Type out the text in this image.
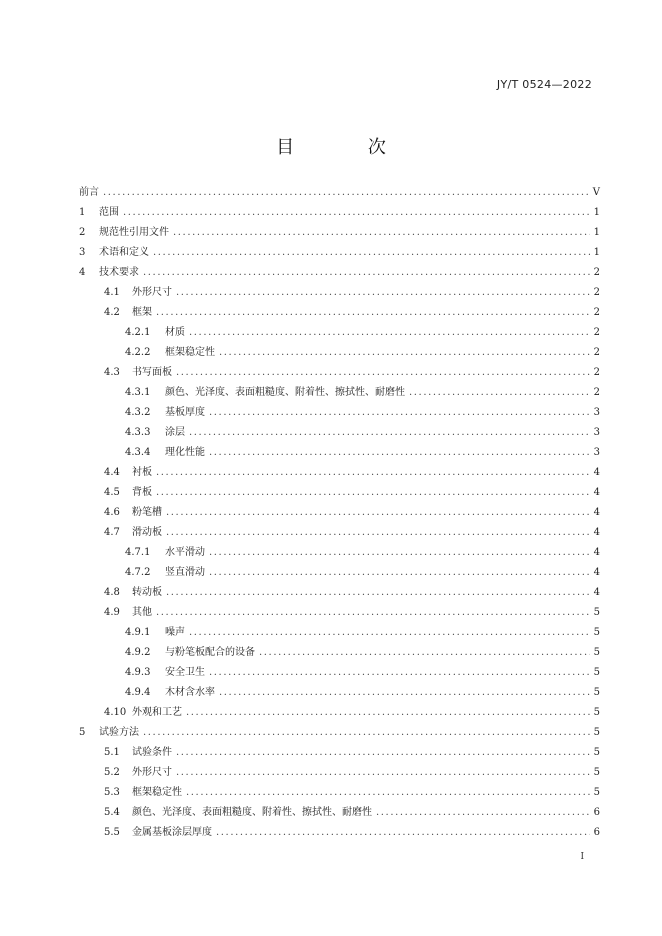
JY/T 0524—2022
目 次
前言 .....	V
1	范围 .....	1
2	规范性引用文件 .....	1
3	术语和定义 .....	1
4	技术要求 .....	2
4.1	外形尺寸 .....	2
4.2	框架 .....	2
4.2.1	材质 .....	2
4.2.2	框架稳定性 .....	2
4.3	书写面板 .....	2
4.3.1	颜色、光泽度、表面粗糙度、附着性、擦拭性、耐磨性 .....	2
4.3.2	基板厚度 .....	3
4.3.3	涂层 .....	3
4.3.4	理化性能 .....	3
4.4	衬板 .....	4
4.5	背板 .....	4
4.6	粉笔槽 .....	4
4.7	滑动板 .....	4
4.7.1	水平滑动 .....	4
4.7.2	竖直滑动 .....	4
4.8	转动板 .....	4
4.9	其他 .....	5
4.9.1	噪声 .....	5
4.9.2	与粉笔板配合的设备 .....	5
4.9.3	安全卫生 .....	5
4.9.4	木材含水率 .....	5
4.10 外观和工艺 .....	5
5	试验方法 .....	5
5.1	试验条件 .....	5
5.2	外形尺寸 .....	5
5.3	框架稳定性 .....	5
5.4	颜色、光泽度、表面粗糙度、附着性、擦拭性、耐磨性 .....	6
5.5	金属基板涂层厚度 .....	6
I
